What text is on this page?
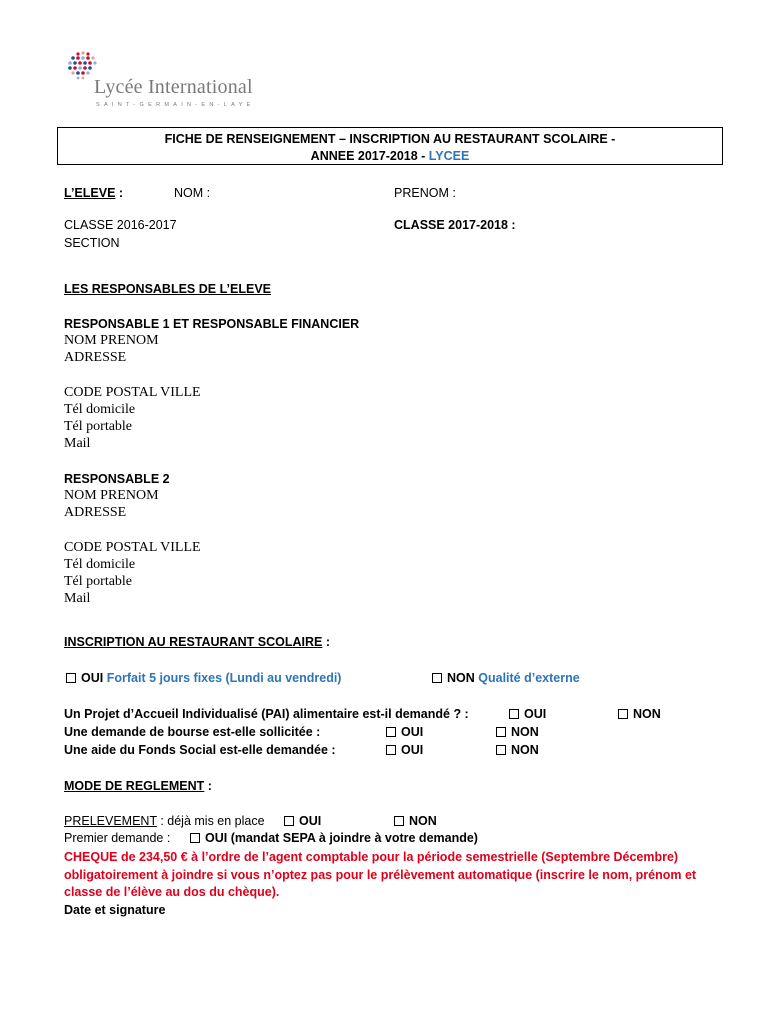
Lycée International
SAINT-GERMAIN-EN-LAYE
FICHE DE RENSEIGNEMENT – INSCRIPTION AU RESTAURANT SCOLAIRE -
ANNEE 2017-2018 - LYCEE
L’ELEVE :	NOM :	PRENOM :
CLASSE 2016-2017
SECTION
CLASSE 2017-2018 :
LES RESPONSABLES DE L’ELEVE
RESPONSABLE 1 ET RESPONSABLE FINANCIER
NOM PRENOM
ADRESSE
CODE POSTAL VILLE
Tél domicile
Tél portable
Mail
RESPONSABLE 2
NOM PRENOM
ADRESSE
CODE POSTAL VILLE
Tél domicile
Tél portable
Mail
INSCRIPTION AU RESTAURANT SCOLAIRE :
OUI Forfait 5 jours fixes (Lundi au vendredi)	NON Qualité d’externe
Un Projet d’Accueil Individualisé (PAI) alimentaire est-il demandé ? :	OUI	NON
Une demande de bourse est-elle sollicitée :	OUI	NON
Une aide du Fonds Social est-elle demandée :	OUI	NON
MODE DE REGLEMENT :
PRELEVEMENT : déjà mis en place	OUI	NON
Premier demande :	OUI (mandat SEPA à joindre à votre demande)
CHEQUE de 234,50 € à l’ordre de l’agent comptable pour la période semestrielle (Septembre Décembre) obligatoirement à joindre si vous n’optez pas pour le prélèvement automatique (inscrire le nom, prénom et classe de l’élève au dos du chèque).
Date et signature
